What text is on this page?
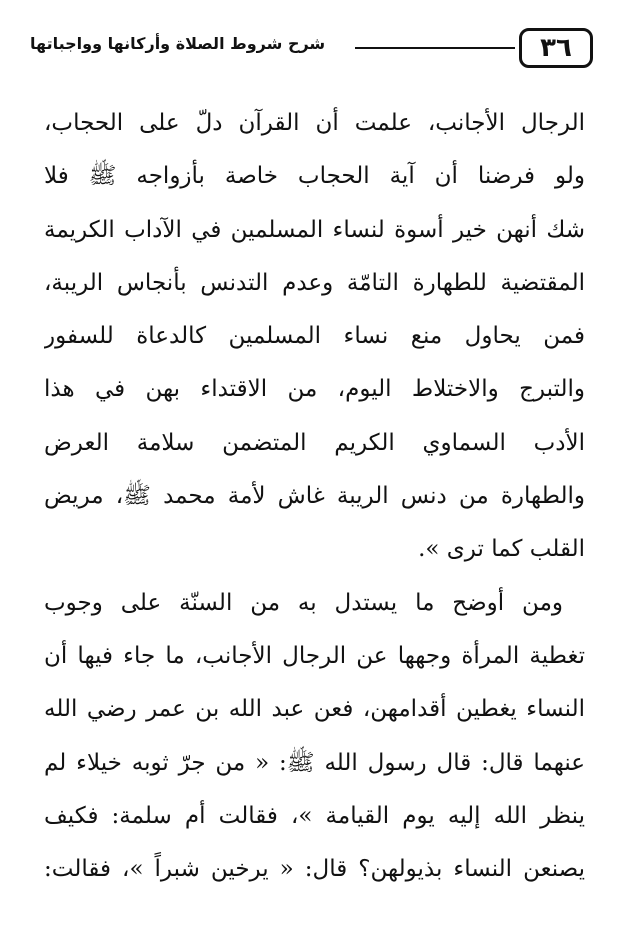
٣٦
شرح شروط الصلاة وأركانها وواجباتها
الرجال الأجانب، علمت أن القرآن دلّ على الحجاب،
ولو فرضنا أن آية الحجاب خاصة بأزواجه ﷺ فلا
شك أنهن خير أسوة لنساء المسلمين في الآداب الكريمة
المقتضية للطهارة التامّة وعدم التدنس بأنجاس الريبة،
فمن يحاول منع نساء المسلمين كالدعاة للسفور
والتبرج والاختلاط اليوم، من الاقتداء بهن في هذا
الأدب السماوي الكريم المتضمن سلامة العرض
والطهارة من دنس الريبة غاش لأمة محمد ﷺ، مريض
القلب كما ترى ».
ومن أوضح ما يستدل به من السنّة على وجوب
تغطية المرأة وجهها عن الرجال الأجانب، ما جاء فيها أن
النساء يغطين أقدامهن، فعن عبد الله بن عمر رضي الله
عنهما قال: قال رسول الله ﷺ: « من جرّ ثوبه خيلاء لم
ينظر الله إليه يوم القيامة »، فقالت أم سلمة: فكيف
يصنعن النساء بذيولهن؟ قال: « يرخين شبراً »، فقالت:
